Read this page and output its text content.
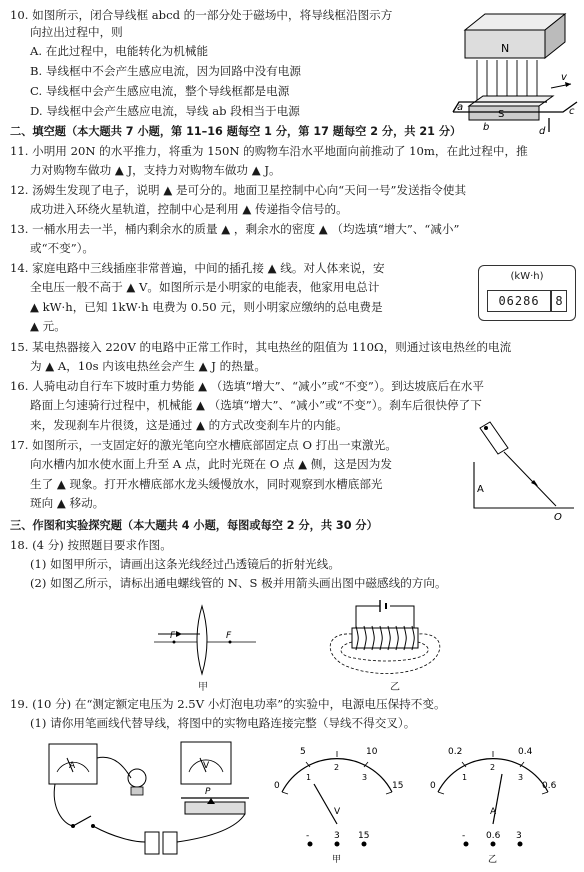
10. 如图所示，闭合导线框 abcd 的一部分处于磁场中，将导线框沿图示方
向拉出过程中，则
A. 在此过程中，电能转化为机械能
B. 导线框中不会产生感应电流，因为回路中没有电源
C. 导线框中会产生感应电流，整个导线框都是电源
D. 导线框中会产生感应电流，导线 ab 段相当于电源
二、填空题（本大题共 7 小题，第 11–16 题每空 1 分，第 17 题每空 2 分，共 21 分）
11. 小明用 20N 的水平推力，将重为 150N 的购物车沿水平地面向前推动了 10m，在此过程中，推
力对购物车做功 ▲ J，支持力对购物车做功 ▲ J。
12. 汤姆生发现了电子，说明 ▲ 是可分的。地面卫星控制中心向“天问一号”发送指令使其
成功进入环绕火星轨道，控制中心是利用 ▲ 传递指令信号的。
13. 一桶水用去一半，桶内剩余水的质量 ▲ ，剩余水的密度 ▲ （均选填“增大”、“减小”
或“不变”）。
14. 家庭电路中三线插座非常普遍，中间的插孔接 ▲ 线。对人体来说，安
全电压一般不高于 ▲ V。如图所示是小明家的电能表，他家用电总计
▲ kW·h，已知 1kW·h 电费为 0.50 元，则小明家应缴纳的总电费是
▲ 元。
15. 某电热器接入 220V 的电路中正常工作时，其电热丝的阻值为 110Ω，则通过该电热丝的电流
为 ▲ A，10s 内该电热丝会产生 ▲ J 的热量。
16. 人骑电动自行车下坡时重力势能 ▲ （选填“增大”、“减小”或“不变”）。到达坡底后在水平
路面上匀速骑行过程中，机械能 ▲ （选填“增大”、“减小”或“不变”）。刹车后很快停了下
来，发现刹车片很烫，这是通过 ▲ 的方式改变刹车片的内能。
17. 如图所示，一支固定好的激光笔向空水槽底部固定点 O 打出一束激光。
向水槽内加水使水面上升至 A 点，此时光斑在 O 点 ▲ 侧，这是因为发
生了 ▲ 现象。打开水槽底部水龙头缓慢放水，同时观察到水槽底部光
斑向 ▲ 移动。
三、作图和实验探究题（本大题共 4 小题，每图或每空 2 分，共 30 分）
18. (4 分) 按照题目要求作图。
(1) 如图甲所示，请画出这条光线经过凸透镜后的折射光线。
(2) 如图乙所示，请标出通电螺线管的 N、S 极并用箭头画出图中磁感线的方向。
19. (10 分) 在“测定额定电压为 2.5V 小灯泡电功率”的实验中，电源电压保持不变。
(1) 请你用笔画线代替导线，将图中的实物电路连接完整（导线不得交叉）。
N
S
a
b
c
d
v
(kW·h)
06286	8
A
O
F	F
甲	乙
A	V
P
0
5	10
15
1
2
3
V
-	3 15
甲
0
0.2	0.4
0.6
1
2
3
A
- 0.6 3
乙
